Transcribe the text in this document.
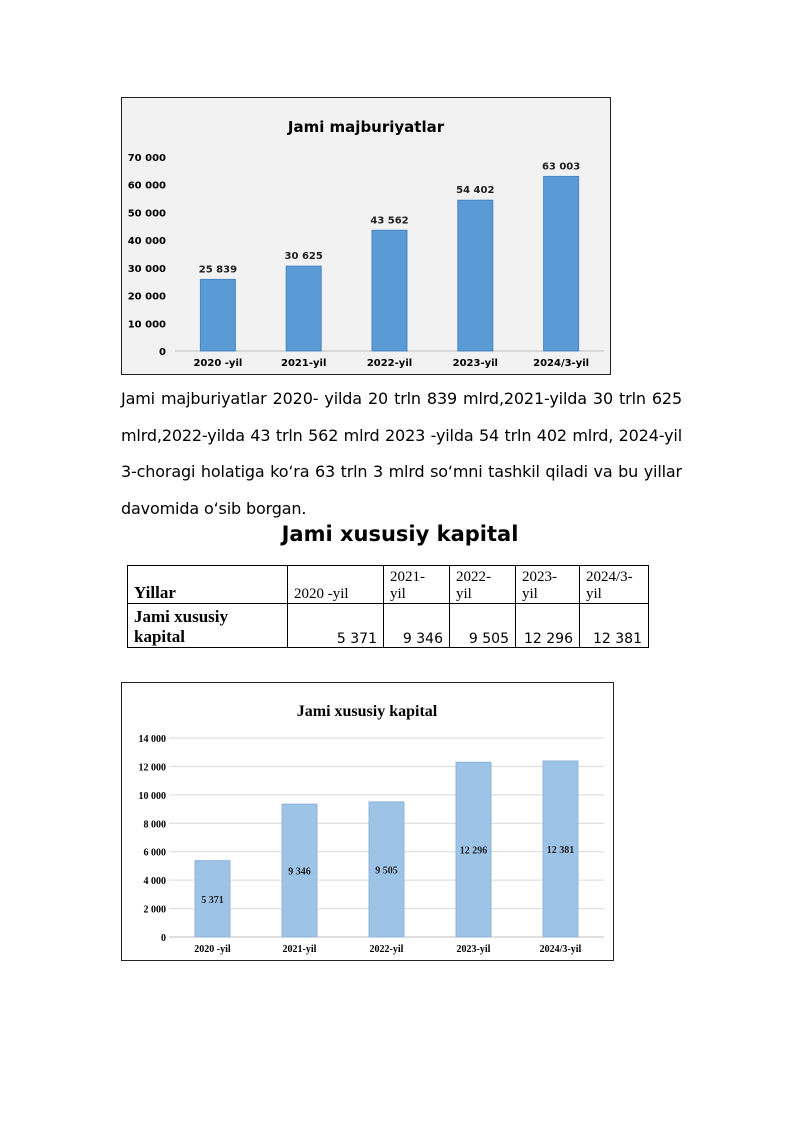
Jami majburiyatlar
0
10 000
20 000
30 000
40 000
50 000
60 000
70 000
25 839
2020 -yil
30 625
2021-yil
43 562
2022-yil
54 402
2023-yil
63 003
2024/3-yil

Jami majburiyatlar 2020- yilda 20 trln 839 mlrd,2021-yilda 30 trln 625 mlrd,2022-yilda 43 trln 562 mlrd 2023 -yilda 54 trln 402 mlrd, 2024-yil 3-choragi holatiga ko‘ra 63 trln 3 mlrd so‘mni tashkil qiladi va bu yillar davomida o‘sib borgan.

Jami xususiy kapital
Yillar	2020 -yil	2021-yil	2022-yil	2023-yil	2024/3-yil

Jami xususiy kapital	5 371	9 346	9 505	12 296	12 381
Jami xususiy kapital
0
2 000
4 000
6 000
8 000
10 000
12 000
14 000
5 371
2020 -yil
9 346
2021-yil
9 505
2022-yil
12 296
2023-yil
12 381
2024/3-yil
